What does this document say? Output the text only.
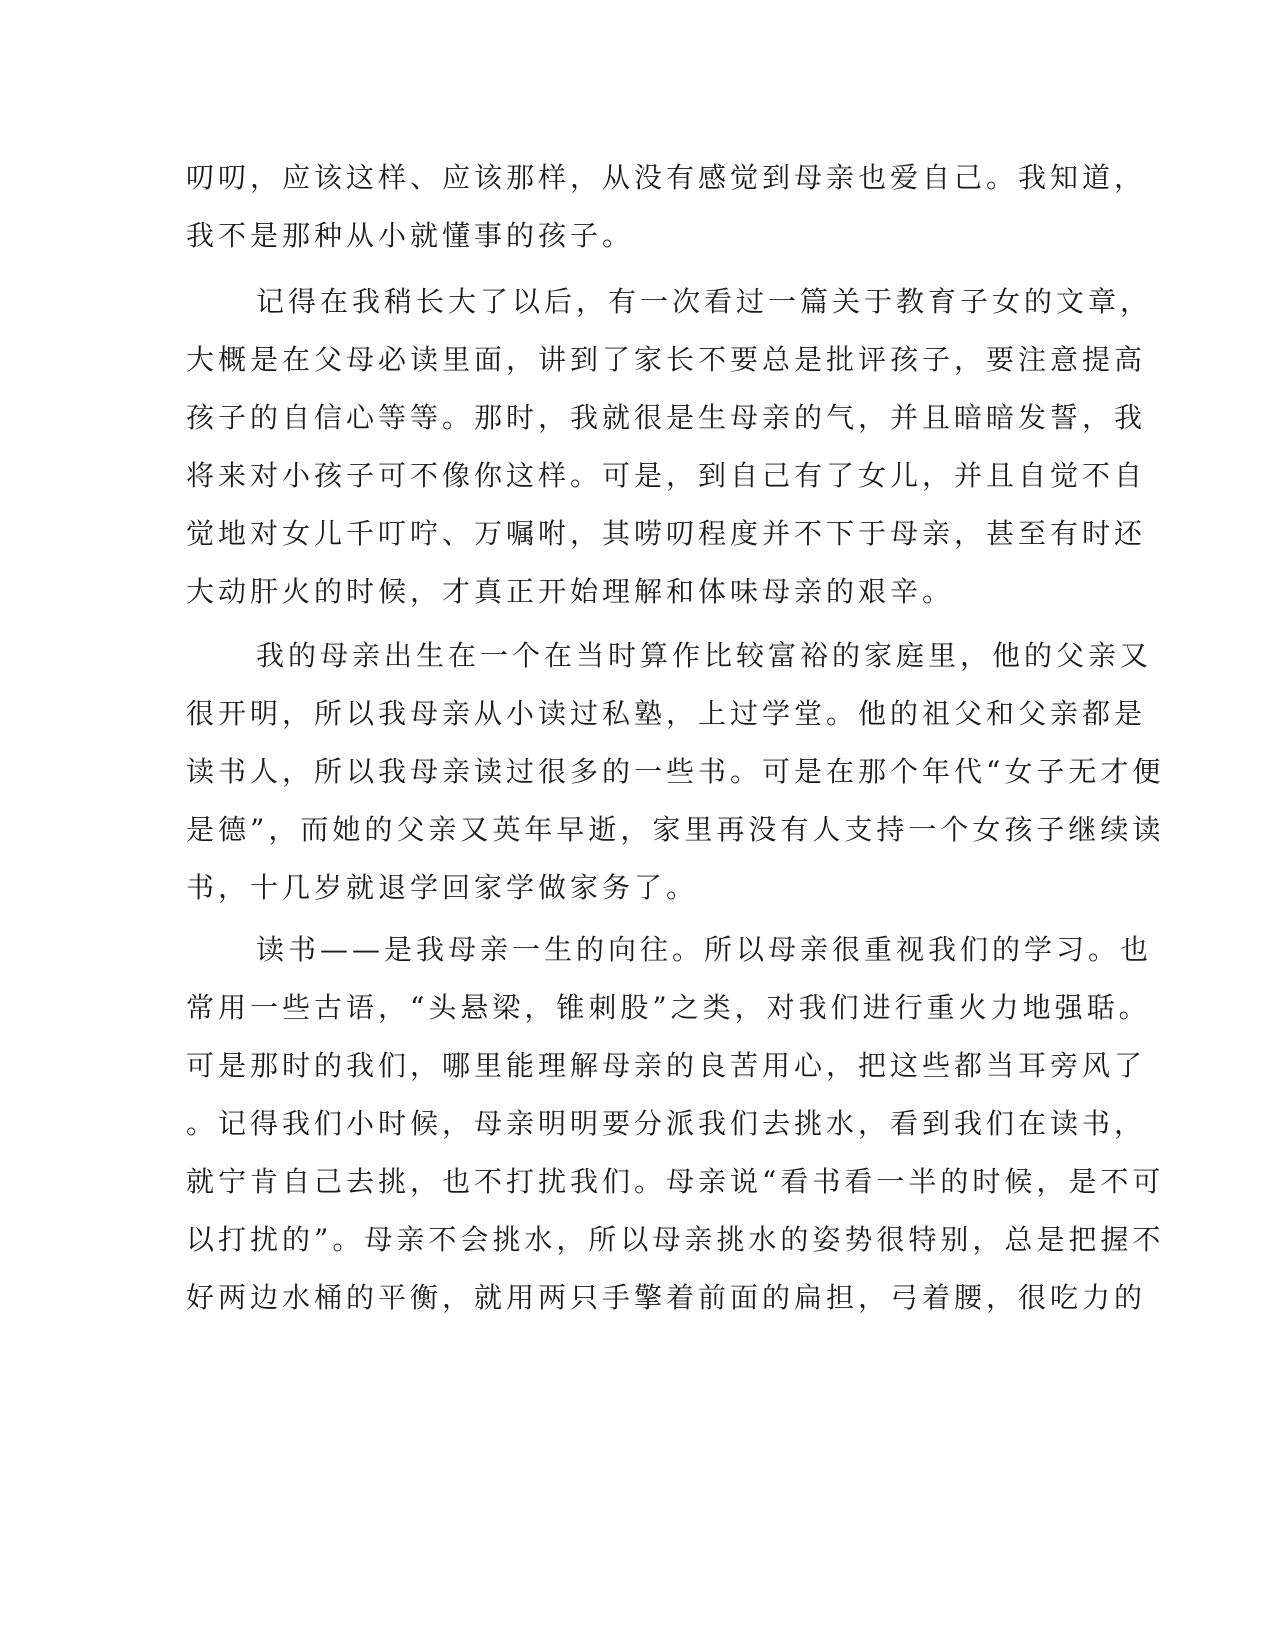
叨叨，应该这样、应该那样，从没有感觉到母亲也爱自己。我知道，
我不是那种从小就懂事的孩子。
记得在我稍长大了以后，有一次看过一篇关于教育子女的文章，
大概是在父母必读里面，讲到了家长不要总是批评孩子，要注意提高
孩子的自信心等等。那时，我就很是生母亲的气，并且暗暗发誓，我
将来对小孩子可不像你这样。可是，到自己有了女儿，并且自觉不自
觉地对女儿千叮咛、万嘱咐，其唠叨程度并不下于母亲，甚至有时还
大动肝火的时候，才真正开始理解和体味母亲的艰辛。
我的母亲出生在一个在当时算作比较富裕的家庭里，他的父亲又
很开明，所以我母亲从小读过私塾，上过学堂。他的祖父和父亲都是
读书人，所以我母亲读过很多的一些书。可是在那个年代“女子无才便
是德”，而她的父亲又英年早逝，家里再没有人支持一个女孩子继续读
书，十几岁就退学回家学做家务了。
读书——是我母亲一生的向往。所以母亲很重视我们的学习。也
常用一些古语，“头悬梁，锥刺股”之类，对我们进行重火力地强聒。
可是那时的我们，哪里能理解母亲的良苦用心，把这些都当耳旁风了
。记得我们小时候，母亲明明要分派我们去挑水，看到我们在读书，
就宁肯自己去挑，也不打扰我们。母亲说“看书看一半的时候，是不可
以打扰的”。母亲不会挑水，所以母亲挑水的姿势很特别，总是把握不
好两边水桶的平衡，就用两只手擎着前面的扁担，弓着腰，很吃力的
